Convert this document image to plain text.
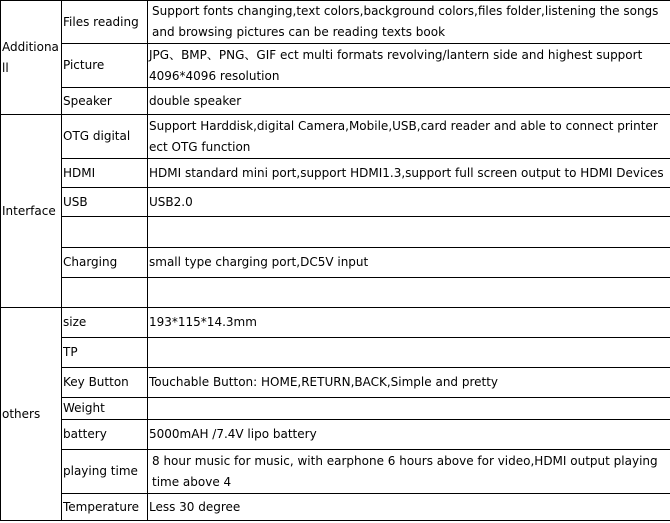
Additionall	Files reading	Support fonts changing,text colors,background colors,files folder,listening the songs and browsing pictures can be reading texts book
	Picture	JPG、BMP、PNG、GIF ect multi formats revolving/lantern side and highest support 4096*4096 resolution
	Speaker	double speaker
Interface	OTG digital	Support Harddisk,digital Camera,Mobile,USB,card reader and able to connect printer ect OTG function
	HDMI	HDMI standard mini port,support HDMI1.3,support full screen output to HDMI Devices
	USB	USB2.0

	Charging	small type charging port,DC5V input

others	size	193*115*14.3mm
	TP	
	Key Button	Touchable Button: HOME,RETURN,BACK,Simple and pretty
	Weight	
	battery	5000mAH /7.4V lipo battery
	playing time	8 hour music for music, with earphone 6 hours above for video,HDMI output playing time above 4
	Temperature	Less 30 degree
